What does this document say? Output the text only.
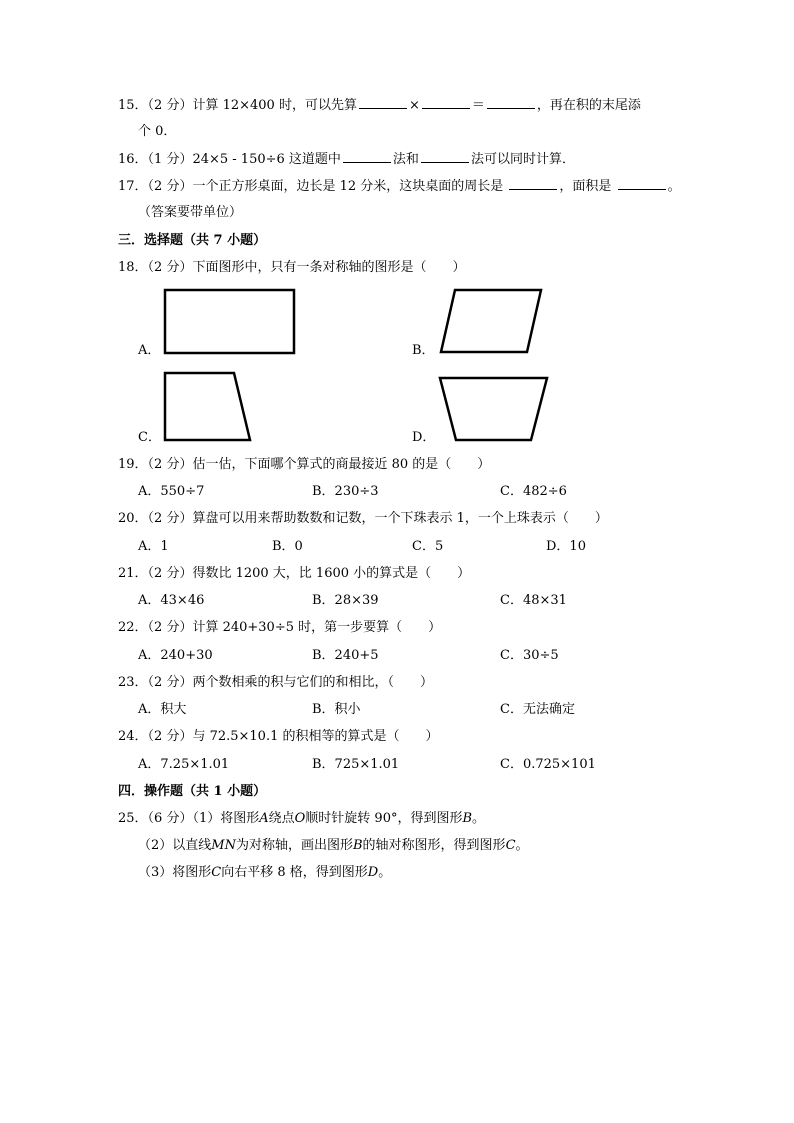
15．（2 分）计算 12×400 时，可以先算	×	＝	，再在积的末尾添
个 0．
16．（1 分）24×5 - 150÷6 这道题中	法和	法可以同时计算．
17．（2 分）一个正方形桌面，边长是 12 分米，这块桌面的周长是	，面积是	。
（答案要带单位）
三．选择题（共 7 小题）
18．（2 分）下面图形中，只有一条对称轴的图形是（　　）
A．	B．
C．	D．
19．（2 分）估一估，下面哪个算式的商最接近 80 的是（　　）
A．550÷7	B．230÷3	C．482÷6
20．（2 分）算盘可以用来帮助数数和记数，一个下珠表示 1，一个上珠表示（　　）
A．1	B．0	C．5	D．10
21．（2 分）得数比 1200 大，比 1600 小的算式是（　　）
A．43×46	B．28×39	C．48×31
22．（2 分）计算 240+30÷5 时，第一步要算（　　）
A．240+30	B．240+5	C．30÷5
23．（2 分）两个数相乘的积与它们的和相比，（　　）
A．积大	B．积小	C．无法确定
24．（2 分）与 72.5×10.1 的积相等的算式是（　　）
A．7.25×1.01	B．725×1.01	C．0.725×101
四．操作题（共 1 小题）
25．（6 分）（1）将图形A绕点O顺时针旋转 90°，得到图形B。
（2）以直线MN为对称轴，画出图形B的轴对称图形，得到图形C。
（3）将图形C向右平移 8 格，得到图形D。
